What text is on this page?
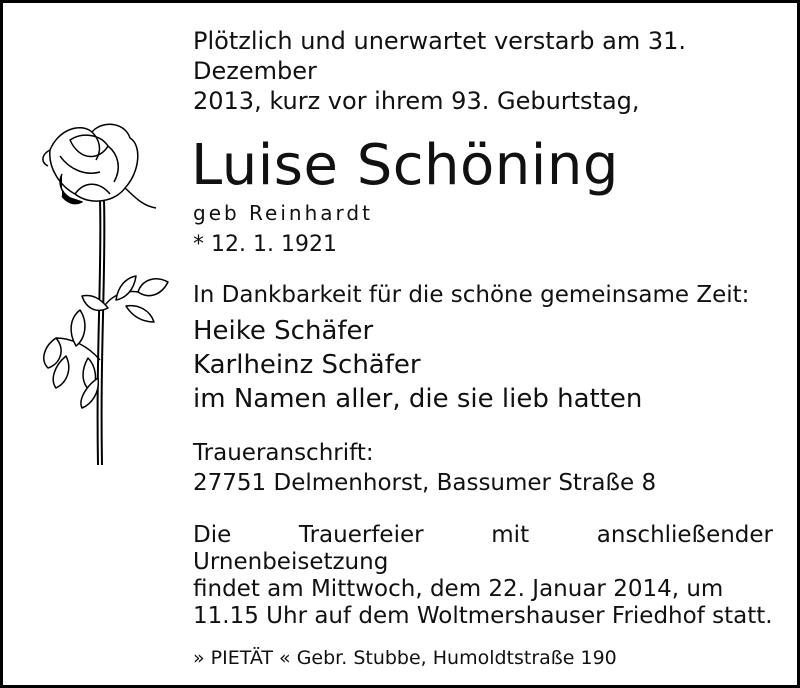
Plötzlich und unerwartet verstarb am 31. Dezember

2013, kurz vor ihrem 93. Geburtstag,

Luise Schöning

geb Reinhardt

* 12. 1. 1921

In Dankbarkeit für die schöne gemeinsame Zeit:

Heike Schäfer

Karlheinz Schäfer

im Namen aller, die sie lieb hatten

Traueranschrift:

27751 Delmenhorst, Bassumer Straße 8

Die Trauerfeier mit anschließender Urnenbeisetzung

findet am Mittwoch, dem 22. Januar 2014, um

11.15 Uhr auf dem Woltmershauser Friedhof statt.

» PIETÄT « Gebr. Stubbe, Humoldtstraße 190
